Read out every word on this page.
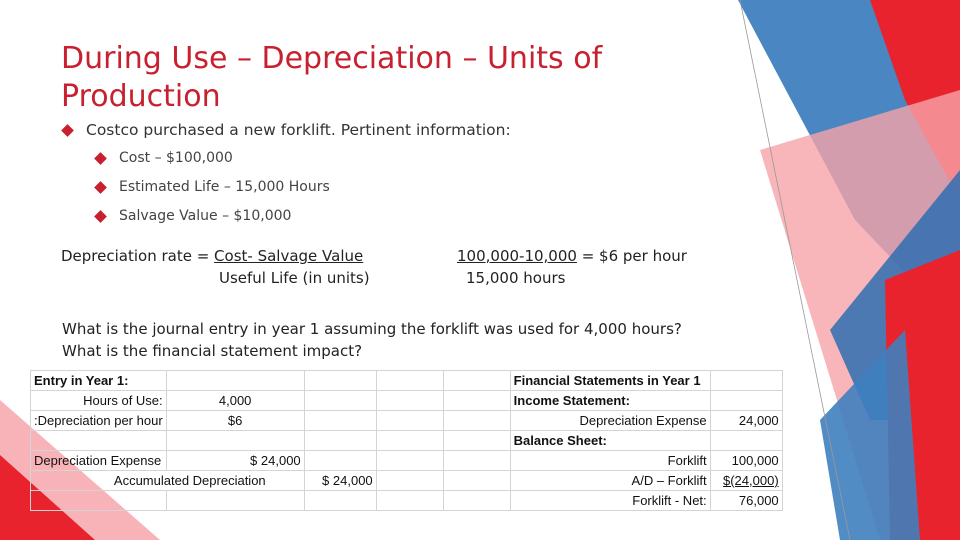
During Use – Depreciation – Units of Production
Costco purchased a new forklift. Pertinent information:
Cost – $100,000
Estimated Life – 15,000 Hours
Salvage Value – $10,000
Depreciation rate = Cost- Salvage Value
Useful Life (in units)
100,000-10,000 = $6 per hour
15,000 hours
What is the journal entry in year 1 assuming the forklift was used for 4,000 hours?
What is the financial statement impact?
Entry in Year 1:					Financial Statements in Year 1	
Hours of Use:	4,000				Income Statement:	
Depreciation per hour:	$6				Depreciation Expense	24,000
					Balance Sheet:	
Depreciation Expense	$ 24,000				Forklift	100,000
Accumulated Depreciation		$ 24,000			A/D – Forklift	$(24,000)
					Forklift - Net:	76,000
